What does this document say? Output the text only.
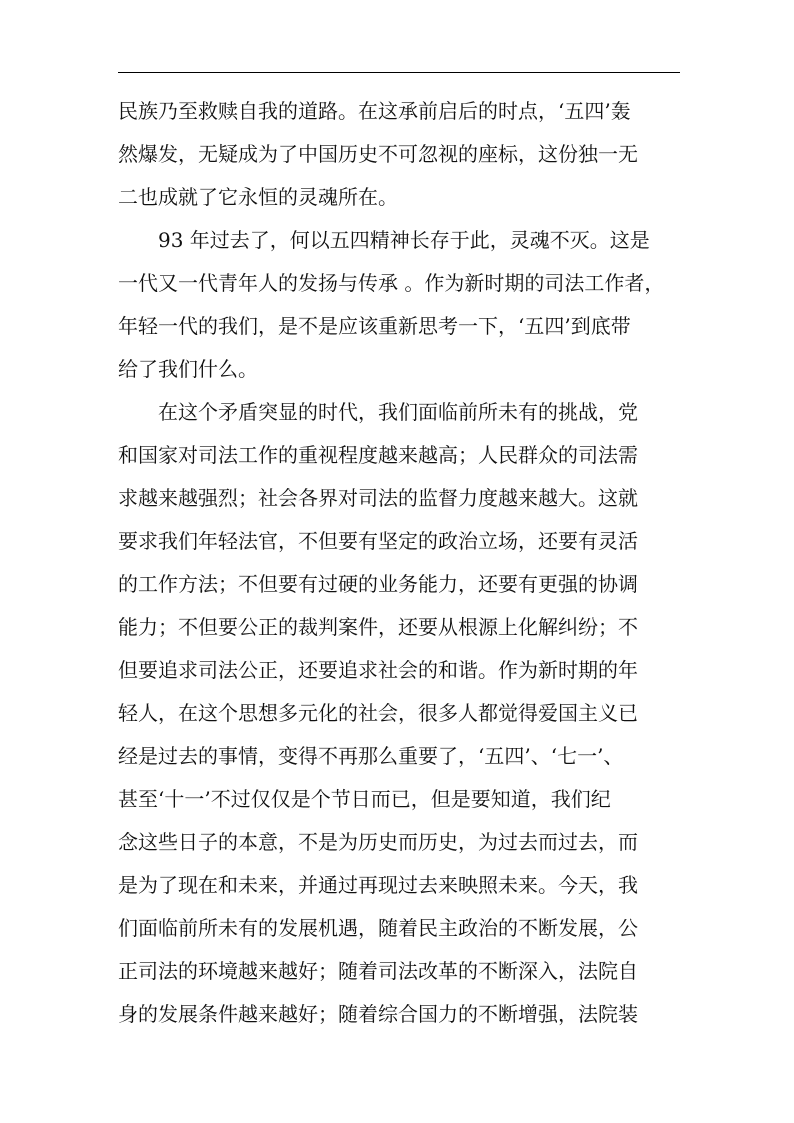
民族乃至救赎自我的道路。在这承前启后的时点，‘五四’轰
然爆发，无疑成为了中国历史不可忽视的座标，这份独一无
二也成就了它永恒的灵魂所在。
93 年过去了，何以五四精神长存于此，灵魂不灭。这是
一代又一代青年人的发扬与传承 。作为新时期的司法工作者，
年轻一代的我们，是不是应该重新思考一下，‘五四’到底带
给了我们什么。
在这个矛盾突显的时代，我们面临前所未有的挑战，党
和国家对司法工作的重视程度越来越高；人民群众的司法需
求越来越强烈；社会各界对司法的监督力度越来越大。这就
要求我们年轻法官，不但要有坚定的政治立场，还要有灵活
的工作方法；不但要有过硬的业务能力，还要有更强的协调
能力；不但要公正的裁判案件，还要从根源上化解纠纷；不
但要追求司法公正，还要追求社会的和谐。作为新时期的年
轻人，在这个思想多元化的社会，很多人都觉得爱国主义已
经是过去的事情，变得不再那么重要了，‘五四’、‘七一’、
甚至‘十一’不过仅仅是个节日而已，但是要知道，我们纪
念这些日子的本意，不是为历史而历史，为过去而过去，而
是为了现在和未来，并通过再现过去来映照未来。今天，我
们面临前所未有的发展机遇，随着民主政治的不断发展，公
正司法的环境越来越好；随着司法改革的不断深入，法院自
身的发展条件越来越好；随着综合国力的不断增强，法院装
